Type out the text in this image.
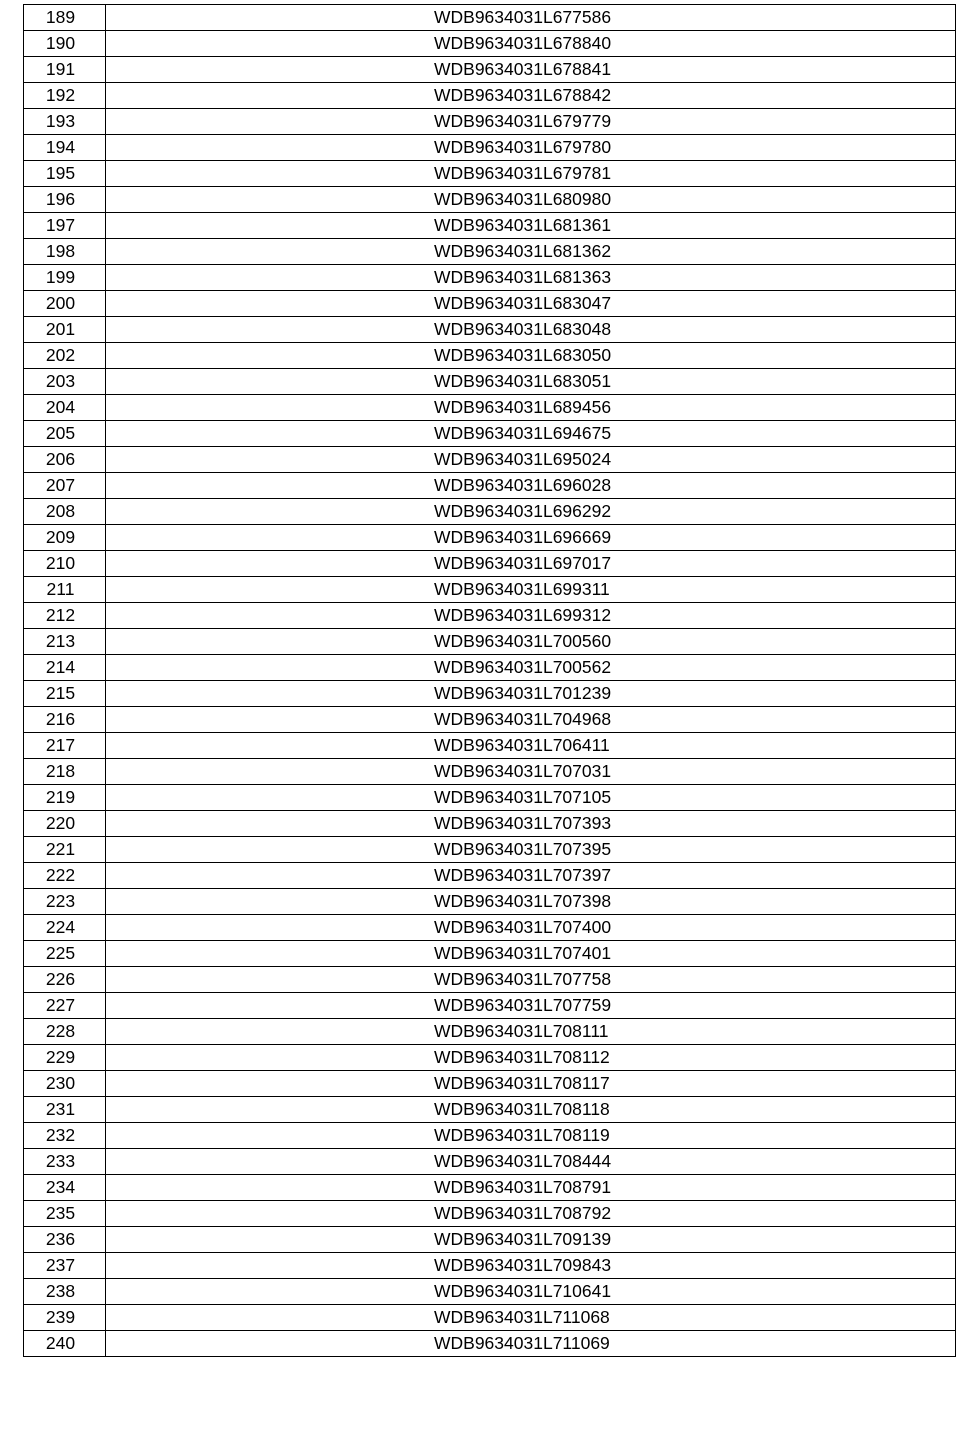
189	WDB9634031L677586
190	WDB9634031L678840
191	WDB9634031L678841
192	WDB9634031L678842
193	WDB9634031L679779
194	WDB9634031L679780
195	WDB9634031L679781
196	WDB9634031L680980
197	WDB9634031L681361
198	WDB9634031L681362
199	WDB9634031L681363
200	WDB9634031L683047
201	WDB9634031L683048
202	WDB9634031L683050
203	WDB9634031L683051
204	WDB9634031L689456
205	WDB9634031L694675
206	WDB9634031L695024
207	WDB9634031L696028
208	WDB9634031L696292
209	WDB9634031L696669
210	WDB9634031L697017
211	WDB9634031L699311
212	WDB9634031L699312
213	WDB9634031L700560
214	WDB9634031L700562
215	WDB9634031L701239
216	WDB9634031L704968
217	WDB9634031L706411
218	WDB9634031L707031
219	WDB9634031L707105
220	WDB9634031L707393
221	WDB9634031L707395
222	WDB9634031L707397
223	WDB9634031L707398
224	WDB9634031L707400
225	WDB9634031L707401
226	WDB9634031L707758
227	WDB9634031L707759
228	WDB9634031L708111
229	WDB9634031L708112
230	WDB9634031L708117
231	WDB9634031L708118
232	WDB9634031L708119
233	WDB9634031L708444
234	WDB9634031L708791
235	WDB9634031L708792
236	WDB9634031L709139
237	WDB9634031L709843
238	WDB9634031L710641
239	WDB9634031L711068
240	WDB9634031L711069
